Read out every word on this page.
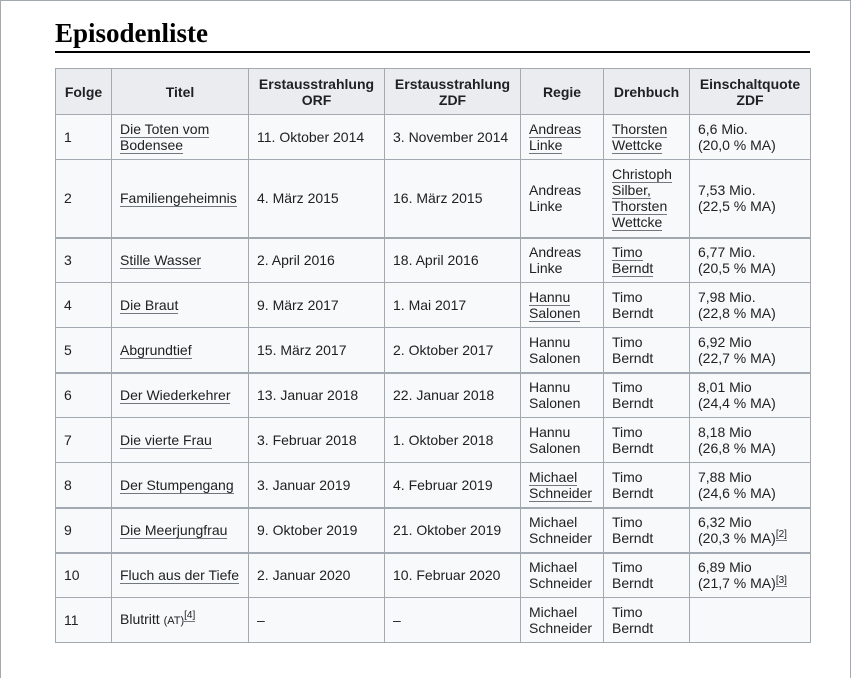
Episodenliste
Folge	Titel	Erstausstrahlung ORF	Erstausstrahlung ZDF	Regie	Drehbuch	Einschaltquote ZDF
1	Die Toten vom Bodensee	11. Oktober 2014	3. November 2014	Andreas Linke	Thorsten Wettcke	6,6 Mio.
(20,0 % MA)
2	Familiengeheimnis	4. März 2015	16. März 2015	Andreas Linke	Christoph Silber, Thorsten Wettcke	7,53 Mio.
(22,5 % MA)
3	Stille Wasser	2. April 2016	18. April 2016	Andreas Linke	Timo Berndt	6,77 Mio.
(20,5 % MA)
4	Die Braut	9. März 2017	1. Mai 2017	Hannu Salonen	Timo Berndt	7,98 Mio.
(22,8 % MA)
5	Abgrundtief	15. März 2017	2. Oktober 2017	Hannu Salonen	Timo Berndt	6,92 Mio
(22,7 % MA)
6	Der Wiederkehrer	13. Januar 2018	22. Januar 2018	Hannu Salonen	Timo Berndt	8,01 Mio
(24,4 % MA)
7	Die vierte Frau	3. Februar 2018	1. Oktober 2018	Hannu Salonen	Timo Berndt	8,18 Mio
(26,8 % MA)
8	Der Stumpengang	3. Januar 2019	4. Februar 2019	Michael Schneider	Timo Berndt	7,88 Mio
(24,6 % MA)
9	Die Meerjungfrau	9. Oktober 2019	21. Oktober 2019	Michael Schneider	Timo Berndt	6,32 Mio
(20,3 % MA)[2]
10	Fluch aus der Tiefe	2. Januar 2020	10. Februar 2020	Michael Schneider	Timo Berndt	6,89 Mio
(21,7 % MA)[3]
11	Blutritt (AT)[4]	–	–	Michael Schneider	Timo Berndt	
